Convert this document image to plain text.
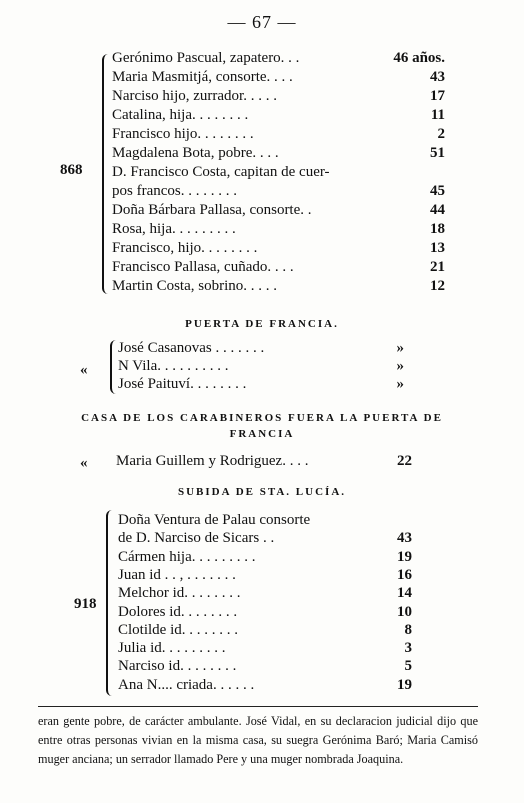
— 67 —
868
Gerónimo Pascual, zapatero. . .	46 años.
Maria Masmitjá, consorte. . . .	43
Narciso hijo, zurrador. . . . .	17
Catalina, hija. . . . . . . .	11
Francisco hijo. . . . . . . .	2
Magdalena Bota, pobre. . . .	51
D. Francisco Costa, capitan de cuer-
pos francos. . . . . . . .	45
Doña Bárbara Pallasa, consorte. .	44
Rosa, hija. . . . . . . . .	18
Francisco, hijo. . . . . . . .	13
Francisco Pallasa, cuñado. . . .	21
Martin Costa, sobrino. . . . .	12
PUERTA DE FRANCIA.
«
José Casanovas . . . . . . .	»
N Vila. . . . . . . . . .	»
José Paituví. . . . . . . .	»
CASA DE LOS CARABINEROS FUERA LA PUERTA DE
FRANCIA
« Maria Guillem y Rodriguez. . . .	22
SUBIDA DE STA. LUCÍA.
918
Doña Ventura de Palau consorte
de D. Narciso de Sicars . .	43
Cármen hija. . . . . . . . .	19
Juan id . . , . . . . . . .	16
Melchor id. . . . . . . .	14
Dolores id. . . . . . . .	10
Clotilde id. . . . . . . .	8
Julia id. . . . . . . . .	3
Narciso id. . . . . . . .	5
Ana N.... criada. . . . . .	19
eran gente pobre, de carácter ambulante. José Vidal, en su declaracion judicial dijo que entre otras personas vivian en la misma casa, su suegra Gerónima Baró; Maria Camisó muger anciana; un serrador llamado Pere y una muger nombrada Joaquina.
